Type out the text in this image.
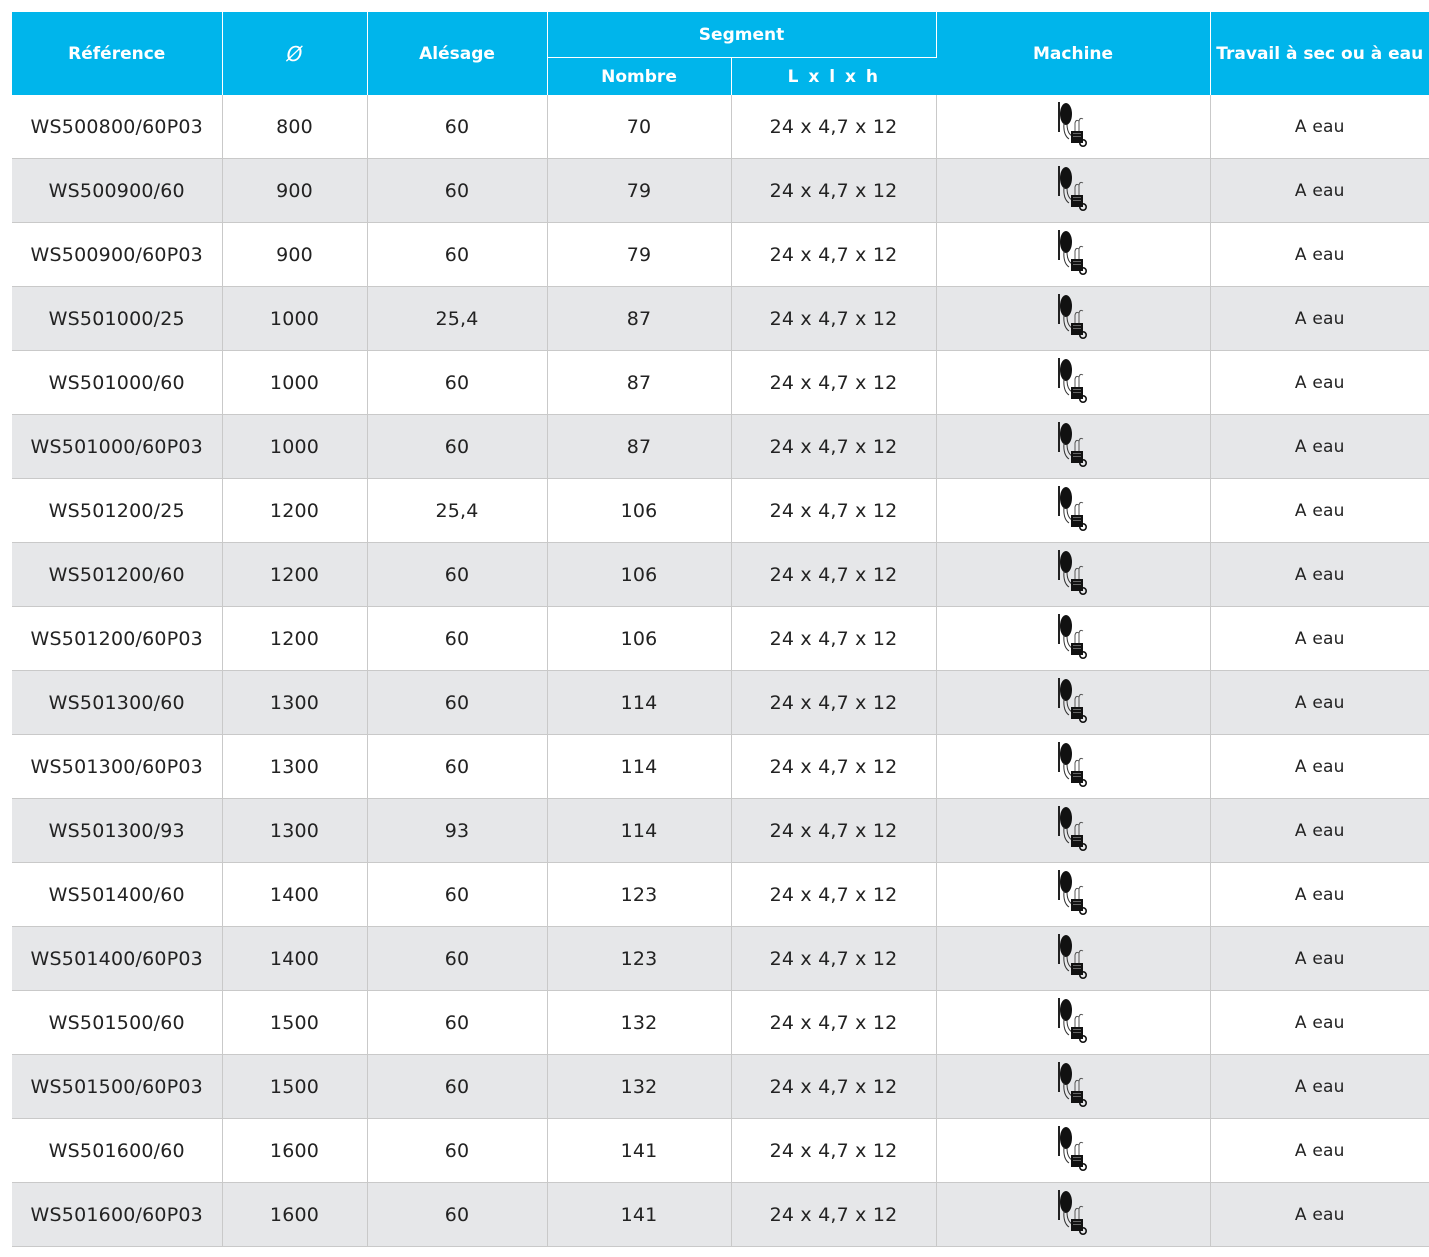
Référence	Ø	Alésage	Segment		Machine	Travail à sec ou à eau
			Nombre	L x l x h		
WS500800/60P03	800	60	70	24 x 4,7 x 12		A eau
WS500900/60	900	60	79	24 x 4,7 x 12		A eau
WS500900/60P03	900	60	79	24 x 4,7 x 12		A eau
WS501000/25	1000	25,4	87	24 x 4,7 x 12		A eau
WS501000/60	1000	60	87	24 x 4,7 x 12		A eau
WS501000/60P03	1000	60	87	24 x 4,7 x 12		A eau
WS501200/25	1200	25,4	106	24 x 4,7 x 12		A eau
WS501200/60	1200	60	106	24 x 4,7 x 12		A eau
WS501200/60P03	1200	60	106	24 x 4,7 x 12		A eau
WS501300/60	1300	60	114	24 x 4,7 x 12		A eau
WS501300/60P03	1300	60	114	24 x 4,7 x 12		A eau
WS501300/93	1300	93	114	24 x 4,7 x 12		A eau
WS501400/60	1400	60	123	24 x 4,7 x 12		A eau
WS501400/60P03	1400	60	123	24 x 4,7 x 12		A eau
WS501500/60	1500	60	132	24 x 4,7 x 12		A eau
WS501500/60P03	1500	60	132	24 x 4,7 x 12		A eau
WS501600/60	1600	60	141	24 x 4,7 x 12		A eau
WS501600/60P03	1600	60	141	24 x 4,7 x 12		A eau
